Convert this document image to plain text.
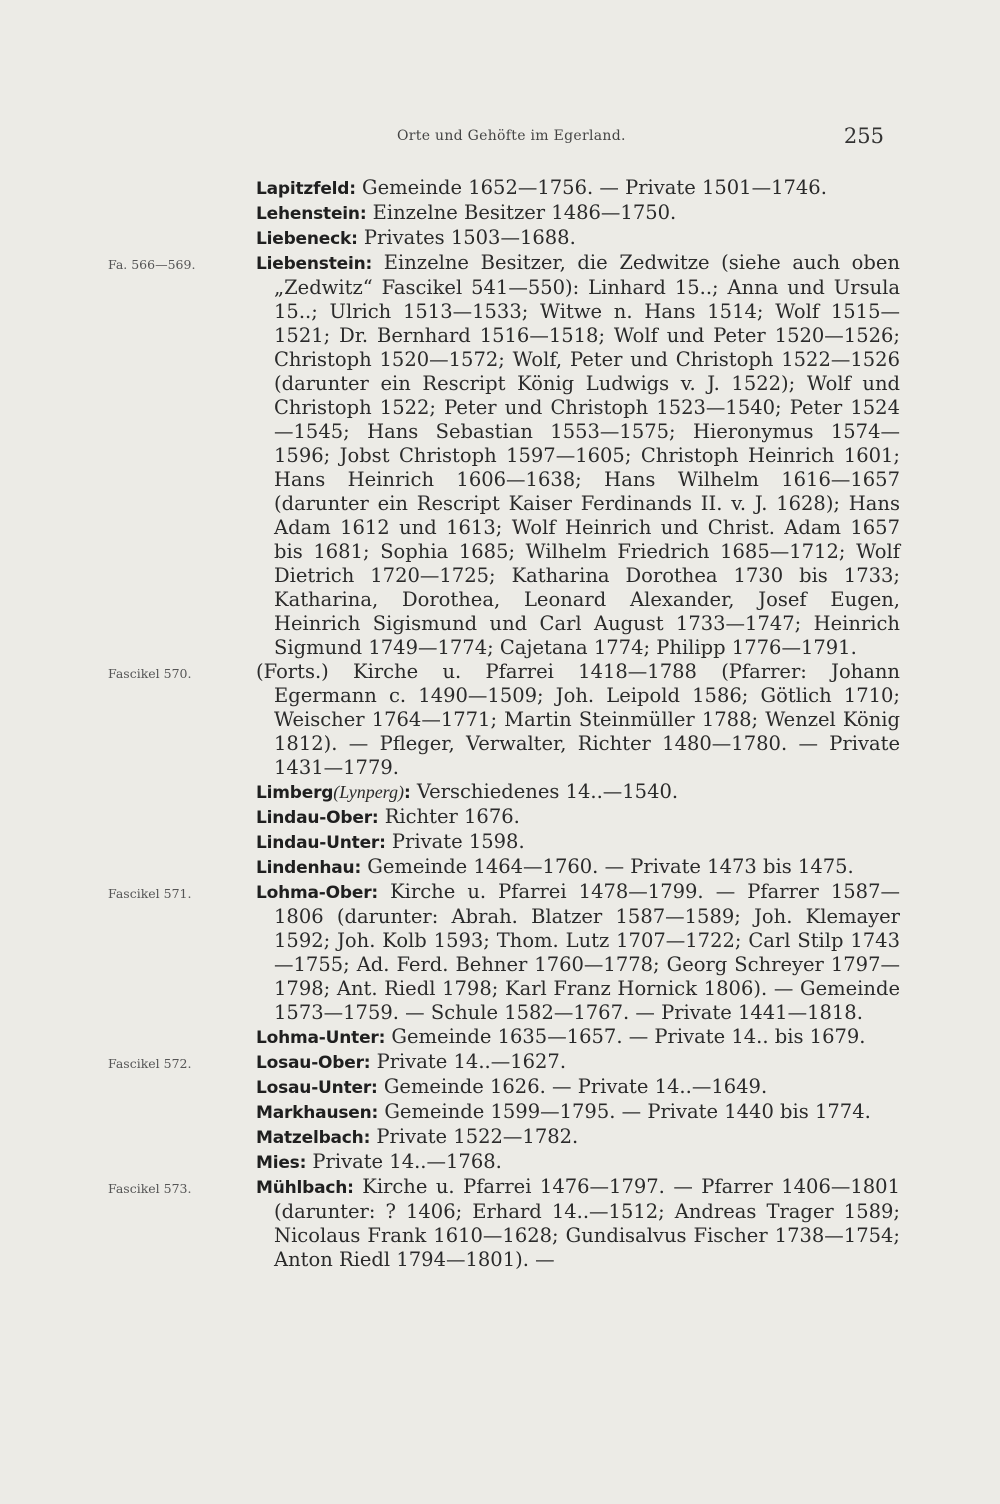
Orte und Gehöfte im Egerland.	255
Lapitzfeld: Gemeinde 1652—1756. — Private 1501—1746.
Lehenstein: Einzelne Besitzer 1486—1750.
Liebeneck: Privates 1503—1688.
Fa. 566—569.	Liebenstein: Einzelne Besitzer, die Zedwitze (siehe auch oben „Zedwitz“ Fascikel 541—550): Linhard 15..; Anna und Ursula 15..; Ulrich 1513—1533; Witwe n. Hans 1514; Wolf 1515—1521; Dr. Bernhard 1516—1518; Wolf und Peter 1520—1526; Christoph 1520—1572; Wolf, Peter und Christoph 1522—1526 (darunter ein Rescript König Ludwigs v. J. 1522); Wolf und Christoph 1522; Peter und Christoph 1523—1540; Peter 1524—1545; Hans Sebastian 1553—1575; Hieronymus 1574—1596; Jobst Christoph 1597—1605; Christoph Heinrich 1601; Hans Heinrich 1606—1638; Hans Wilhelm 1616—1657 (darunter ein Rescript Kaiser Ferdinands II. v. J. 1628); Hans Adam 1612 und 1613; Wolf Heinrich und Christ. Adam 1657 bis 1681; Sophia 1685; Wilhelm Friedrich 1685—1712; Wolf Dietrich 1720—1725; Katharina Dorothea 1730 bis 1733; Katharina, Dorothea, Leonard Alexander, Josef Eugen, Heinrich Sigismund und Carl August 1733—1747; Heinrich Sigmund 1749—1774; Cajetana 1774; Philipp 1776—1791.
Fascikel 570.	(Forts.) Kirche u. Pfarrei 1418—1788 (Pfarrer: Johann Egermann c. 1490—1509; Joh. Leipold 1586; Götlich 1710; Weischer 1764—1771; Martin Steinmüller 1788; Wenzel König 1812). — Pfleger, Verwalter, Richter 1480—1780. — Private 1431—1779.
Limberg(Lynperg): Verschiedenes 14..—1540.
Lindau-Ober: Richter 1676.
Lindau-Unter: Private 1598.
Lindenhau: Gemeinde 1464—1760. — Private 1473 bis 1475.
Fascikel 571.	Lohma-Ober: Kirche u. Pfarrei 1478—1799. — Pfarrer 1587—1806 (darunter: Abrah. Blatzer 1587—1589; Joh. Klemayer 1592; Joh. Kolb 1593; Thom. Lutz 1707—1722; Carl Stilp 1743—1755; Ad. Ferd. Behner 1760—1778; Georg Schreyer 1797—1798; Ant. Riedl 1798; Karl Franz Hornick 1806). — Gemeinde 1573—1759. — Schule 1582—1767. — Private 1441—1818.
Lohma-Unter: Gemeinde 1635—1657. — Private 14.. bis 1679.
Fascikel 572.	Losau-Ober: Private 14..—1627.
Losau-Unter: Gemeinde 1626. — Private 14..—1649.
Markhausen: Gemeinde 1599—1795. — Private 1440 bis 1774.
Matzelbach: Private 1522—1782.
Mies: Private 14..—1768.
Fascikel 573.	Mühlbach: Kirche u. Pfarrei 1476—1797. — Pfarrer 1406—1801 (darunter: ? 1406; Erhard 14..—1512; Andreas Trager 1589; Nicolaus Frank 1610—1628; Gundisalvus Fischer 1738—1754; Anton Riedl 1794—1801). —
